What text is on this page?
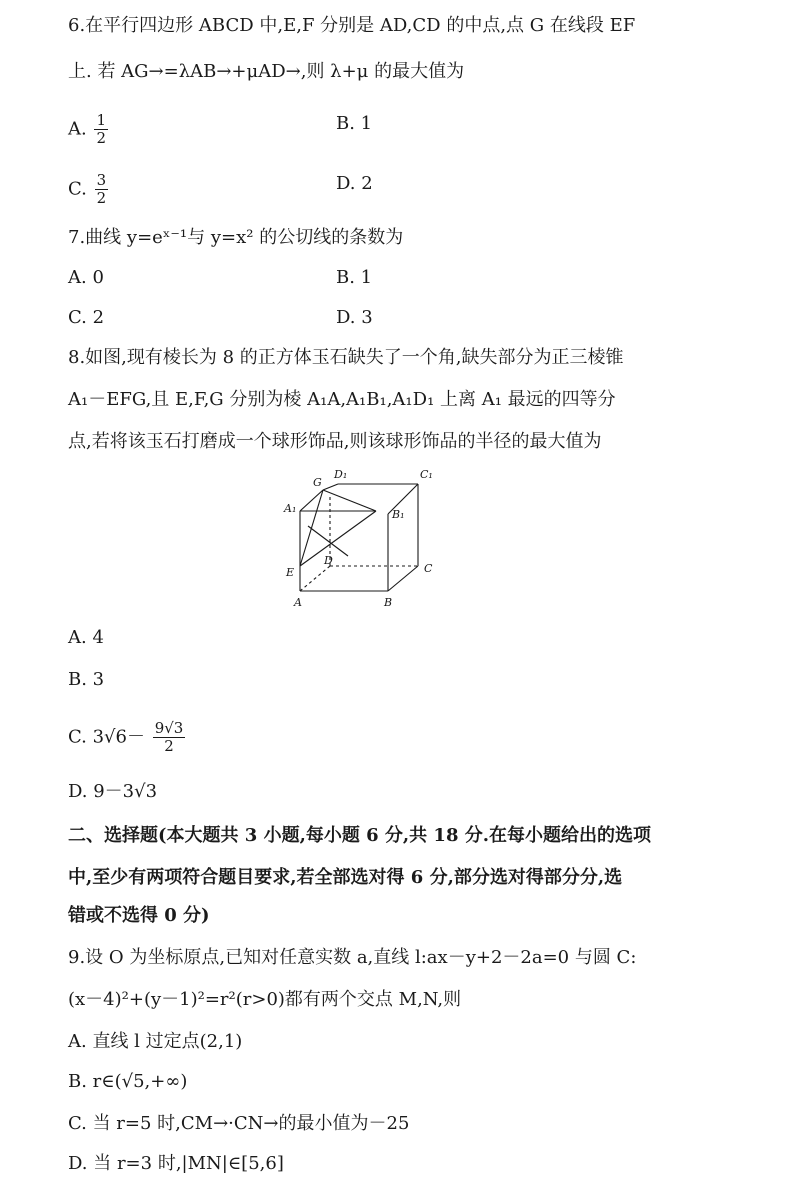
6.在平行四边形 ABCD 中,E,F 分别是 AD,CD 的中点,点 G 在线段 EF
上. 若 AG→=λAB→+μAD→,则 λ+μ 的最大值为
A. $\frac{1}{2}$	B. 1
C. $\frac{3}{2}$	D. 2
7.曲线 y=eˣ⁻¹与 y=x² 的公切线的条数为
A. 0	B. 1
C. 2	D. 3
8.如图,现有棱长为 8 的正方体玉石缺失了一个角,缺失部分为正三棱锥
A₁－EFG,且 E,F,G 分别为棱 A₁A,A₁B₁,A₁D₁ 上离 A₁ 最远的四等分
点,若将该玉石打磨成一个球形饰品,则该球形饰品的半径的最大值为
G
D₁	C₁
A₁	B₁
E
D
C
A	B
A. 4
B. 3
C. $3√6- \frac{9√3}{2}$
D. 9－3√3
二、选择题(本大题共 3 小题,每小题 6 分,共 18 分.在每小题给出的选项
中,至少有两项符合题目要求,若全部选对得 6 分,部分选对得部分分,选
错或不选得 0 分)
9.设 O 为坐标原点,已知对任意实数 a,直线 l:ax－y+2－2a=0 与圆 C:
(x－4)²+(y－1)²=r²(r>0)都有两个交点 M,N,则
A. 直线 l 过定点(2,1)
B. r∈(√5,+∞)
C. 当 r=5 时,CM→·CN→的最小值为－25
D. 当 r=3 时,|MN|∈[5,6]
